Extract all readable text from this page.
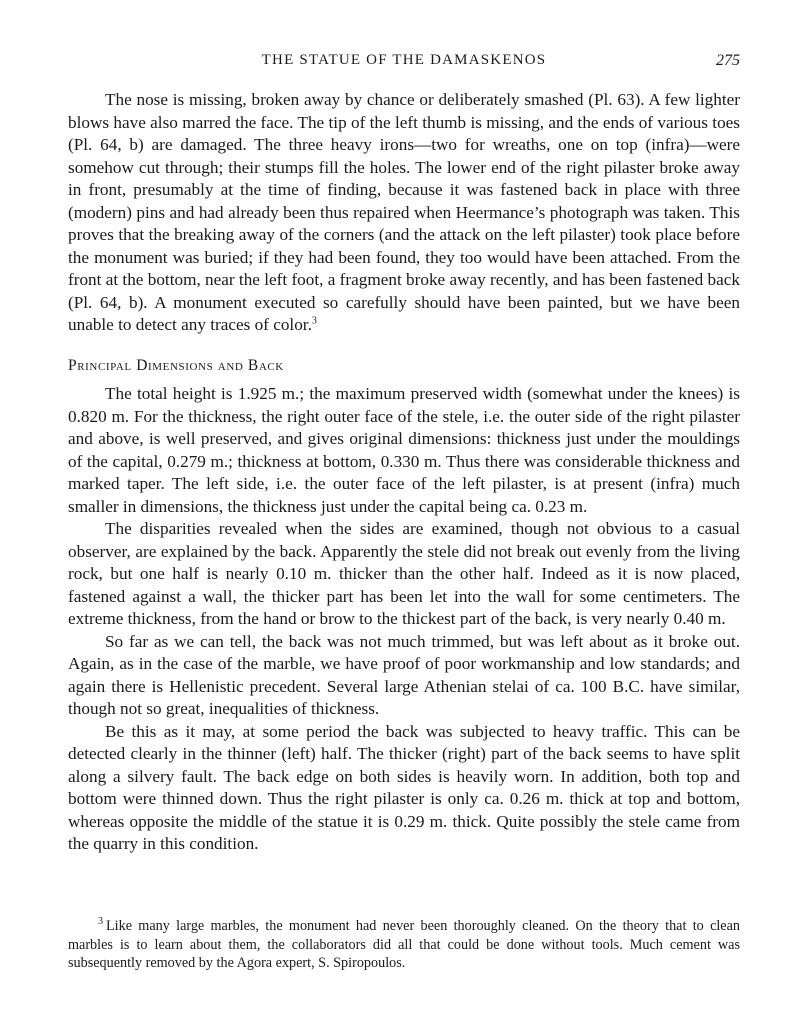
THE STATUE OF THE DAMASKENOS	275

The nose is missing, broken away by chance or deliberately smashed (Pl. 63). A few lighter blows have also marred the face. The tip of the left thumb is missing, and the ends of various toes (Pl. 64, b) are damaged. The three heavy irons—two for wreaths, one on top (infra)—were somehow cut through; their stumps fill the holes. The lower end of the right pilaster broke away in front, presumably at the time of finding, because it was fastened back in place with three (modern) pins and had already been thus repaired when Heermance’s photograph was taken. This proves that the breaking away of the corners (and the attack on the left pilaster) took place before the monument was buried; if they had been found, they too would have been attached. From the front at the bottom, near the left foot, a fragment broke away recently, and has been fastened back (Pl. 64, b). A monument executed so carefully should have been painted, but we have been unable to detect any traces of color.$^3$

Principal Dimensions and Back

The total height is 1.925 m.; the maximum preserved width (somewhat under the knees) is 0.820 m. For the thickness, the right outer face of the stele, i.e. the outer side of the right pilaster and above, is well preserved, and gives original dimensions: thickness just under the mouldings of the capital, 0.279 m.; thickness at bottom, 0.330 m. Thus there was considerable thickness and marked taper. The left side, i.e. the outer face of the left pilaster, is at present (infra) much smaller in dimensions, the thickness just under the capital being ca. 0.23 m.

The disparities revealed when the sides are examined, though not obvious to a casual observer, are explained by the back. Apparently the stele did not break out evenly from the living rock, but one half is nearly 0.10 m. thicker than the other half. Indeed as it is now placed, fastened against a wall, the thicker part has been let into the wall for some centimeters. The extreme thickness, from the hand or brow to the thickest part of the back, is very nearly 0.40 m.

So far as we can tell, the back was not much trimmed, but was left about as it broke out. Again, as in the case of the marble, we have proof of poor workmanship and low standards; and again there is Hellenistic precedent. Several large Athenian stelai of ca. 100 B.C. have similar, though not so great, inequalities of thickness.

Be this as it may, at some period the back was subjected to heavy traffic. This can be detected clearly in the thinner (left) half. The thicker (right) part of the back seems to have split along a silvery fault. The back edge on both sides is heavily worn. In addition, both top and bottom were thinned down. Thus the right pilaster is only ca. 0.26 m. thick at top and bottom, whereas opposite the middle of the statue it is 0.29 m. thick. Quite possibly the stele came from the quarry in this condition.

$^3$ Like many large marbles, the monument had never been thoroughly cleaned. On the theory that to clean marbles is to learn about them, the collaborators did all that could be done without tools. Much cement was subsequently removed by the Agora expert, S. Spiropoulos.
